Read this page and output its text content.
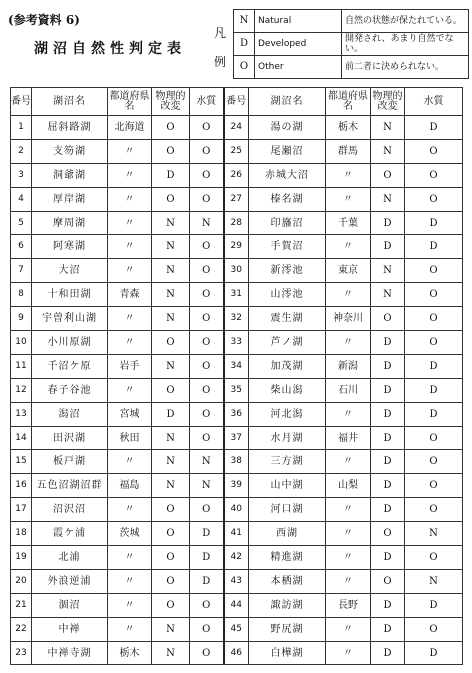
(参考資料 6)
湖沼自然性判定表
凡
例
N	Natural	自然の状態が保たれている。
D	Developed	開発され、あまり自然でない。
O	Other	前二者に決められない。
番号	湖沼名	都道府県名	物理的改変	水質	番号	湖沼名	都道府県名	物理的改変	水質
1	屈斜路湖	北海道	O	O	24	湯の湖	栃木	N	D
2	支笏湖	〃	O	O	25	尾瀬沼	群馬	N	O
3	洞爺湖	〃	D	O	26	赤城大沼	〃	O	O
4	厚岸湖	〃	O	O	27	榛名湖	〃	N	O
5	摩周湖	〃	N	N	28	印旛沼	千葉	D	D
6	阿寒湖	〃	N	O	29	手賀沼	〃	D	D
7	大沼	〃	N	O	30	新澪池	東京	N	O
8	十和田湖	青森	N	O	31	山澪池	〃	N	O
9	宇曽利山湖	〃	N	O	32	震生湖	神奈川	O	O
10	小川原湖	〃	O	O	33	芦ノ湖	〃	D	O
11	千沼ケ原	岩手	N	O	34	加茂湖	新潟	D	D
12	春子谷池	〃	O	O	35	柴山潟	石川	D	D
13	潟沼	宮城	D	O	36	河北潟	〃	D	D
14	田沢湖	秋田	N	O	37	水月湖	福井	D	O
15	板戸湖	〃	N	N	38	三方湖	〃	D	O
16	五色沼湖沼群	福島	N	N	39	山中湖	山梨	D	O
17	沼沢沼	〃	O	O	40	河口湖	〃	D	O
18	霞ケ浦	茨城	O	D	41	西湖	〃	O	N
19	北浦	〃	O	D	42	精進湖	〃	D	O
20	外浪逆浦	〃	O	D	43	本栖湖	〃	O	N
21	涸沼	〃	O	O	44	諏訪湖	長野	D	D
22	中禅	〃	N	O	45	野尻湖	〃	D	O
23	中禅寺湖	栃木	N	O	46	白樺湖	〃	D	D
